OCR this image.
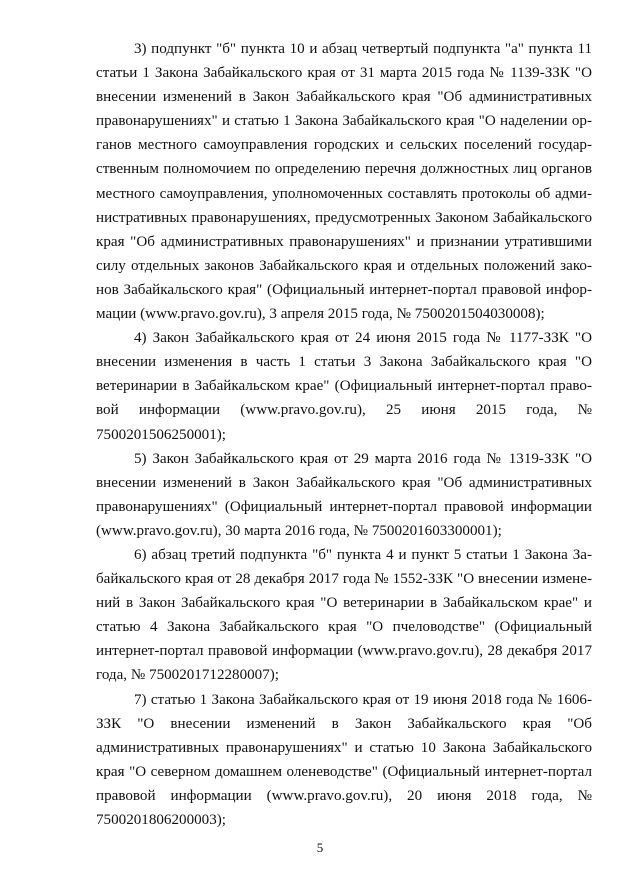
3) подпункт "б" пункта 10 и абзац четвертый подпункта "а" пункта 11 статьи 1 Закона Забайкальского края от 31 марта 2015 года № 1139-ЗЗК "О внесении изменений в Закон Забайкальского края "Об административных правонарушениях" и статью 1 Закона Забайкальского края "О наделении органов местного самоуправления городских и сельских поселений государственным полномочием по определению перечня должностных лиц органов местного самоуправления, уполномоченных составлять протоколы об административных правонарушениях, предусмотренных Законом Забайкальского края "Об административных правонарушениях" и признании утратившими силу отдельных законов Забайкальского края и отдельных положений законов Забайкальского края" (Официальный интернет-портал правовой информации (www.pravo.gov.ru), 3 апреля 2015 года, № 7500201504030008);

4) Закон Забайкальского края от 24 июня 2015 года № 1177-ЗЗК "О внесении изменения в часть 1 статьи 3 Закона Забайкальского края "О ветеринарии в Забайкальском крае" (Официальный интернет-портал правовой информации (www.pravo.gov.ru), 25 июня 2015 года, № 7500201506250001);

5) Закон Забайкальского края от 29 марта 2016 года № 1319-ЗЗК "О внесении изменений в Закон Забайкальского края "Об административных правонарушениях" (Официальный интернет-портал правовой информации (www.pravo.gov.ru), 30 марта 2016 года, № 7500201603300001);

6) абзац третий подпункта "б" пункта 4 и пункт 5 статьи 1 Закона Забайкальского края от 28 декабря 2017 года № 1552-ЗЗК "О внесении изменений в Закон Забайкальского края "О ветеринарии в Забайкальском крае" и статью 4 Закона Забайкальского края "О пчеловодстве" (Официальный интернет-портал правовой информации (www.pravo.gov.ru), 28 декабря 2017 года, № 7500201712280007);

7) статью 1 Закона Забайкальского края от 19 июня 2018 года № 1606-ЗЗК "О внесении изменений в Закон Забайкальского края "Об административных правонарушениях" и статью 10 Закона Забайкальского края "О северном домашнем оленеводстве" (Официальный интернет-портал правовой информации (www.pravo.gov.ru), 20 июня 2018 года, № 7500201806200003);

5
